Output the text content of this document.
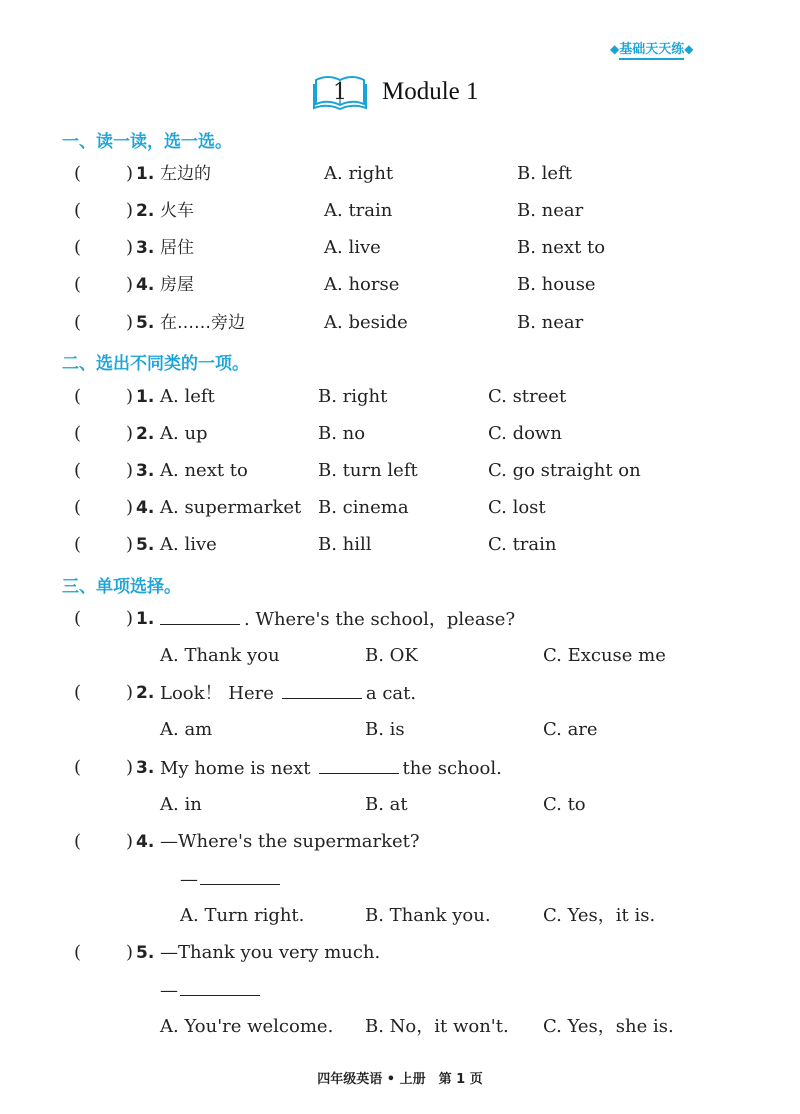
◆基础天天练◆
1 Module 1
一、读一读，选一选。
( ) 1. 左边的	A. right	B. left
( ) 2. 火车	A. train	B. near
( ) 3. 居住	A. live	B. next to
( ) 4. 房屋	A. horse	B. house
( ) 5. 在……旁边	A. beside	B. near
二、选出不同类的一项。
( ) 1. A. left	B. right	C. street
( ) 2. A. up	B. no	C. down
( ) 3. A. next to	B. turn left	C. go straight on
( ) 4. A. supermarket B. cinema	C. lost
( ) 5. A. live	B. hill	C. train
三、单项选择。
( ) 1.	. Where's the school，please?
A. Thank you	B. OK	C. Excuse me
( ) 2. Look！ Here	a cat.
A. am	B. is	C. are
( ) 3. My home is next	the school.
A. in	B. at	C. to
( ) 4. —Where's the supermarket?
—
A. Turn right.	B. Thank you.	C. Yes，it is.
( ) 5. —Thank you very much.
—
A. You're welcome. B. No，it won't. C. Yes，she is.
四年级英语 • 上册　第 1 页
